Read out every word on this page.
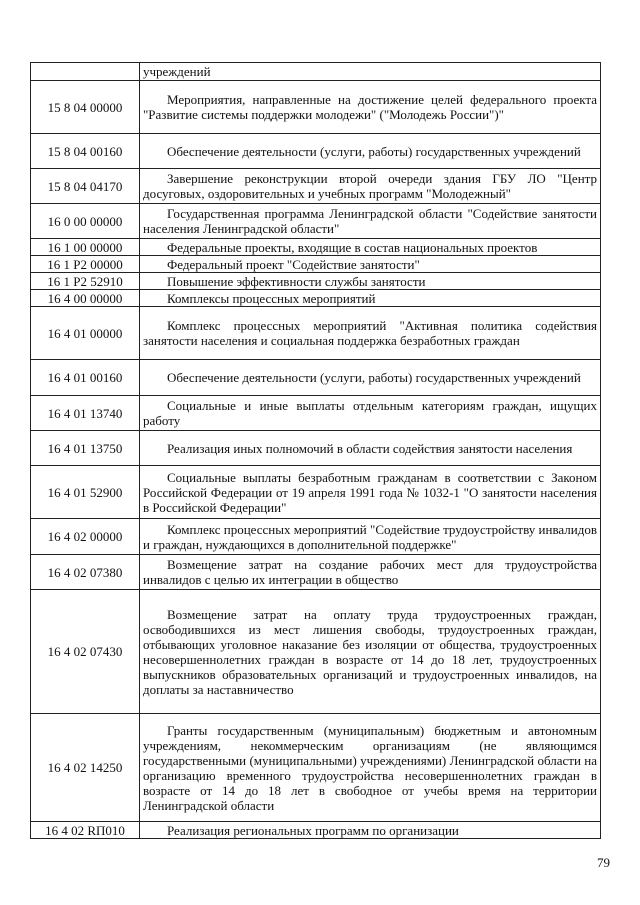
	учреждений
15 8 04 00000	Мероприятия, направленные на достижение целей федерального проекта "Развитие системы поддержки молодежи" ("Молодежь России")"
15 8 04 00160	Обеспечение деятельности (услуги, работы) государственных учреждений
15 8 04 04170	Завершение реконструкции второй очереди здания ГБУ ЛО "Центр досуговых, оздоровительных и учебных программ "Молодежный"
16 0 00 00000	Государственная программа Ленинградской области "Содействие занятости населения Ленинградской области"
16 1 00 00000	Федеральные проекты, входящие в состав национальных проектов
16 1 Р2 00000	Федеральный проект "Содействие занятости"
16 1 Р2 52910	Повышение эффективности службы занятости
16 4 00 00000	Комплексы процессных мероприятий
16 4 01 00000	Комплекс процессных мероприятий "Активная политика содействия занятости населения и социальная поддержка безработных граждан
16 4 01 00160	Обеспечение деятельности (услуги, работы) государственных учреждений
16 4 01 13740	Социальные и иные выплаты отдельным категориям граждан, ищущих работу
16 4 01 13750	Реализация иных полномочий в области содействия занятости населения
16 4 01 52900	Социальные выплаты безработным гражданам в соответствии с Законом Российской Федерации от 19 апреля 1991 года № 1032-1 "О занятости населения в Российской Федерации"
16 4 02 00000	Комплекс процессных мероприятий "Содействие трудоустройству инвалидов и граждан, нуждающихся в дополнительной поддержке"
16 4 02 07380	Возмещение затрат на создание рабочих мест для трудоустройства инвалидов с целью их интеграции в общество
16 4 02 07430	Возмещение затрат на оплату труда трудоустроенных граждан, освободившихся из мест лишения свободы, трудоустроенных граждан, отбывающих уголовное наказание без изоляции от общества, трудоустроенных несовершеннолетних граждан в возрасте от 14 до 18 лет, трудоустроенных выпускников образовательных организаций и трудоустроенных инвалидов, на доплаты за наставничество
16 4 02 14250	Гранты государственным (муниципальным) бюджетным и автономным учреждениям, некоммерческим организациям (не являющимся государственными (муниципальными) учреждениями) Ленинградской области на организацию временного трудоустройства несовершеннолетних граждан в возрасте от 14 до 18 лет в свободное от учебы время на территории Ленинградской области
16 4 02 RП010	Реализация региональных программ по организации
79
